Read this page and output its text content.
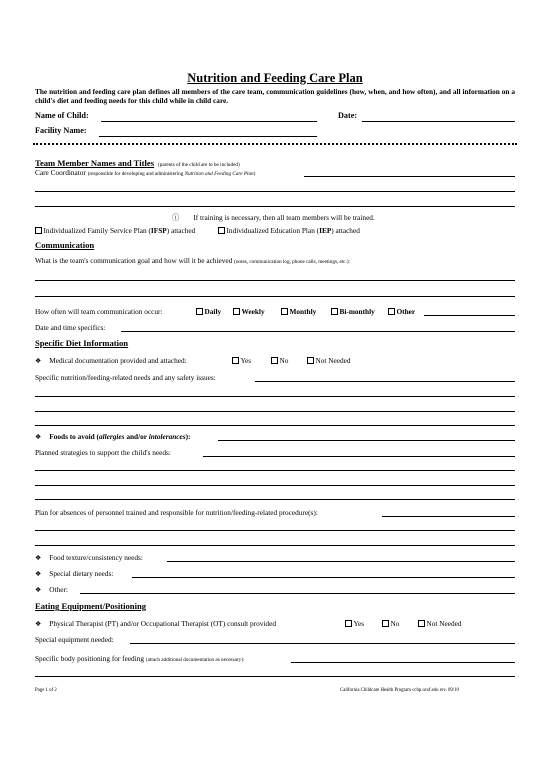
Nutrition and Feeding Care Plan
The nutrition and feeding care plan defines all members of the care team, communication guidelines (how, when, and how often), and all information on a child's diet and feeding needs for this child while in child care.
Name of Child:	Date:
Facility Name:
Team Member Names and Titles (parents of the child are to be included)
Care Coordinator (responsible for developing and administering Nutrition and Feeding Care Plan)
ⓘ If training is necessary, then all team members will be trained.
Individualized Family Service Plan (IFSP) attached	Individualized Education Plan (IEP) attached
Communication
What is the team's communication goal and how will it be achieved (notes, communication log, phone calls, meetings, etc.):
How often will team communication occur:	Daily	Weekly	Monthly	Bi-monthly	Other
Date and time specifics:
Specific Diet Information
❖ Medical documentation provided and attached:	Yes	No	Not Needed
Specific nutrition/feeding-related needs and any safety issues:
❖ Foods to avoid (allergies and/or intolerances):
Planned strategies to support the child's needs:
Plan for absences of personnel trained and responsible for nutrition/feeding-related procedure(s):
❖ Food texture/consistency needs:
❖ Special dietary needs:
❖ Other:
Eating Equipment/Positioning
❖ Physical Therapist (PT) and/or Occupational Therapist (OT) consult provided	Yes	No	Not Needed
Special equipment needed:
Specific body positioning for feeding (attach additional documentation as necessary):
Page 1 of 2	California Childcare Health Program cchp.ucsf.edu rev. 09/10
